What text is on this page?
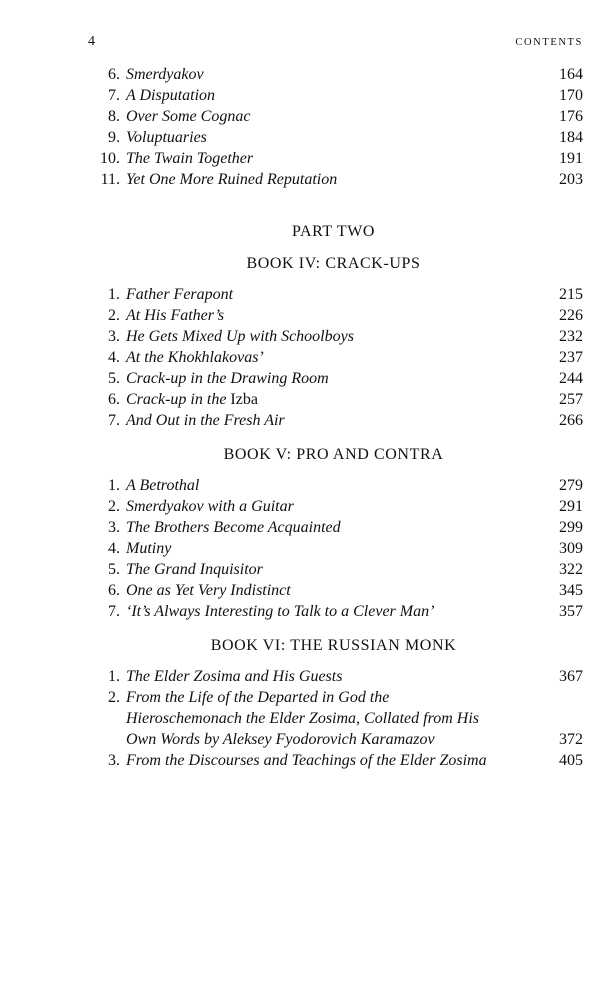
4	CONTENTS
6. Smerdyakov	164
7. A Disputation	170
8. Over Some Cognac	176
9. Voluptuaries	184
10. The Twain Together	191
11. Yet One More Ruined Reputation	203
PART TWO
BOOK IV: CRACK-UPS
1. Father Ferapont	215
2. At His Father’s	226
3. He Gets Mixed Up with Schoolboys	232
4. At the Khokhlakovas’	237
5. Crack-up in the Drawing Room	244
6. Crack-up in the Izba	257
7. And Out in the Fresh Air	266
BOOK V: PRO AND CONTRA
1. A Betrothal	279
2. Smerdyakov with a Guitar	291
3. The Brothers Become Acquainted	299
4. Mutiny	309
5. The Grand Inquisitor	322
6. One as Yet Very Indistinct	345
7. ‘It’s Always Interesting to Talk to a Clever Man’	357
BOOK VI: THE RUSSIAN MONK
1. The Elder Zosima and His Guests	367
2. From the Life of the Departed in God the
Hieroschemonach the Elder Zosima, Collated from His
Own Words by Aleksey Fyodorovich Karamazov	372
3. From the Discourses and Teachings of the Elder Zosima	405
